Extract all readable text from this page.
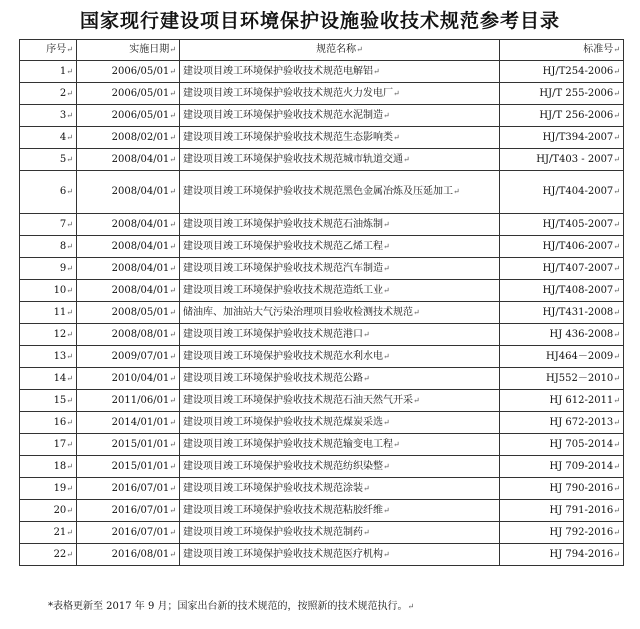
国家现行建设项目环境保护设施验收技术规范参考目录
序号↵	实施日期↵	规范名称↵	标准号↵
1↵	2006/05/01↵	建设项目竣工环境保护验收技术规范电解铝↵	HJ/T254-2006↵
2↵	2006/05/01↵	建设项目竣工环境保护验收技术规范火力发电厂↵	HJ/T 255-2006↵
3↵	2006/05/01↵	建设项目竣工环境保护验收技术规范水泥制造↵	HJ/T 256-2006↵
4↵	2008/02/01↵	建设项目竣工环境保护验收技术规范生态影响类↵	HJ/T394-2007↵
5↵	2008/04/01↵	建设项目竣工环境保护验收技术规范城市轨道交通↵	HJ/T403 - 2007↵
6↵	2008/04/01↵	建设项目竣工环境保护验收技术规范黑色金属冶炼及压延加工↵	HJ/T404-2007↵
7↵	2008/04/01↵	建设项目竣工环境保护验收技术规范石油炼制↵	HJ/T405-2007↵
8↵	2008/04/01↵	建设项目竣工环境保护验收技术规范乙烯工程↵	HJ/T406-2007↵
9↵	2008/04/01↵	建设项目竣工环境保护验收技术规范汽车制造↵	HJ/T407-2007↵
10↵	2008/04/01↵	建设项目竣工环境保护验收技术规范造纸工业↵	HJ/T408-2007↵
11↵	2008/05/01↵	储油库、加油站大气污染治理项目验收检测技术规范↵	HJ/T431-2008↵
12↵	2008/08/01↵	建设项目竣工环境保护验收技术规范港口↵	HJ 436-2008↵
13↵	2009/07/01↵	建设项目竣工环境保护验收技术规范水利水电↵	HJ464－2009↵
14↵	2010/04/01↵	建设项目竣工环境保护验收技术规范公路↵	HJ552－2010↵
15↵	2011/06/01↵	建设项目竣工环境保护验收技术规范石油天然气开采↵	HJ 612-2011↵
16↵	2014/01/01↵	建设项目竣工环境保护验收技术规范煤炭采选↵	HJ 672-2013↵
17↵	2015/01/01↵	建设项目竣工环境保护验收技术规范输变电工程↵	HJ 705-2014↵
18↵	2015/01/01↵	建设项目竣工环境保护验收技术规范纺织染整↵	HJ 709-2014↵
19↵	2016/07/01↵	建设项目竣工环境保护验收技术规范涂装↵	HJ 790-2016↵
20↵	2016/07/01↵	建设项目竣工环境保护验收技术规范粘胶纤维↵	HJ 791-2016↵
21↵	2016/07/01↵	建设项目竣工环境保护验收技术规范制药↵	HJ 792-2016↵
22↵	2016/08/01↵	建设项目竣工环境保护验收技术规范医疗机构↵	HJ 794-2016↵
*表格更新至 2017 年 9 月；国家出台新的技术规范的，按照新的技术规范执行。↵
